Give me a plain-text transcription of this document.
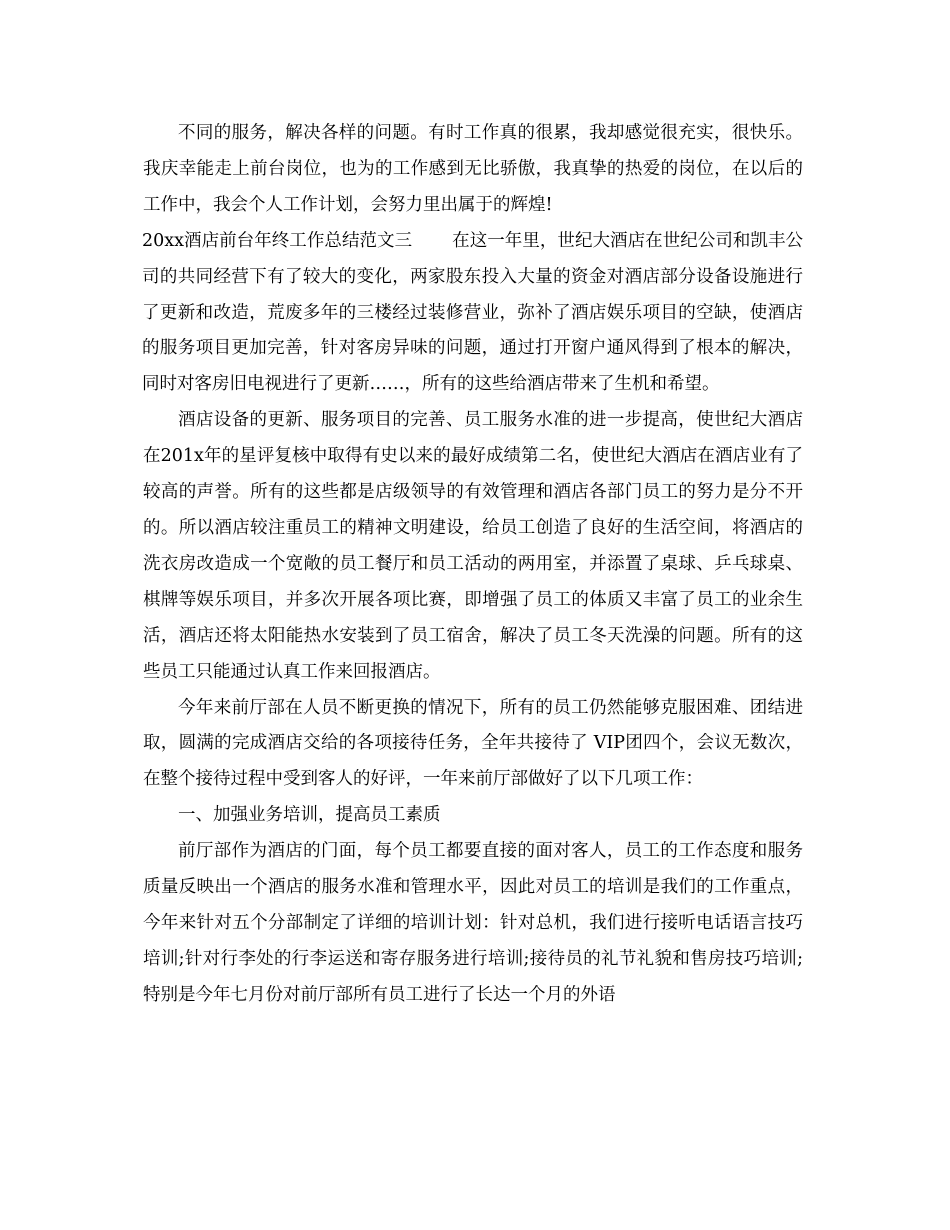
不同的服务，解决各样的问题。有时工作真的很累，我却感觉很充实，很快乐。我庆幸能走上前台岗位，也为的工作感到无比骄傲，我真挚的热爱的岗位，在以后的工作中，我会个人工作计划，会努力里出属于的辉煌!

20xx酒店前台年终工作总结范文三 在这一年里，世纪大酒店在世纪公司和凯丰公司的共同经营下有了较大的变化，两家股东投入大量的资金对酒店部分设备设施进行了更新和改造，荒废多年的三楼经过装修营业，弥补了酒店娱乐项目的空缺，使酒店的服务项目更加完善，针对客房异味的问题，通过打开窗户通风得到了根本的解决，同时对客房旧电视进行了更新……，所有的这些给酒店带来了生机和希望。

酒店设备的更新、服务项目的完善、员工服务水准的进一步提高，使世纪大酒店在201x年的星评复核中取得有史以来的最好成绩第二名，使世纪大酒店在酒店业有了较高的声誉。所有的这些都是店级领导的有效管理和酒店各部门员工的努力是分不开的。所以酒店较注重员工的精神文明建设，给员工创造了良好的生活空间，将酒店的洗衣房改造成一个宽敞的员工餐厅和员工活动的两用室，并添置了桌球、乒乓球桌、棋牌等娱乐项目，并多次开展各项比赛，即增强了员工的体质又丰富了员工的业余生活，酒店还将太阳能热水安装到了员工宿舍，解决了员工冬天洗澡的问题。所有的这些员工只能通过认真工作来回报酒店。

今年来前厅部在人员不断更换的情况下，所有的员工仍然能够克服困难、团结进取，圆满的完成酒店交给的各项接待任务，全年共接待了 VIP团四个，会议无数次，在整个接待过程中受到客人的好评，一年来前厅部做好了以下几项工作：

一、加强业务培训，提高员工素质

前厅部作为酒店的门面，每个员工都要直接的面对客人，员工的工作态度和服务质量反映出一个酒店的服务水准和管理水平，因此对员工的培训是我们的工作重点，今年来针对五个分部制定了详细的培训计划：针对总机，我们进行接听电话语言技巧培训;针对行李处的行李运送和寄存服务进行培训;接待员的礼节礼貌和售房技巧培训;特别是今年七月份对前厅部所有员工进行了长达一个月的外语
